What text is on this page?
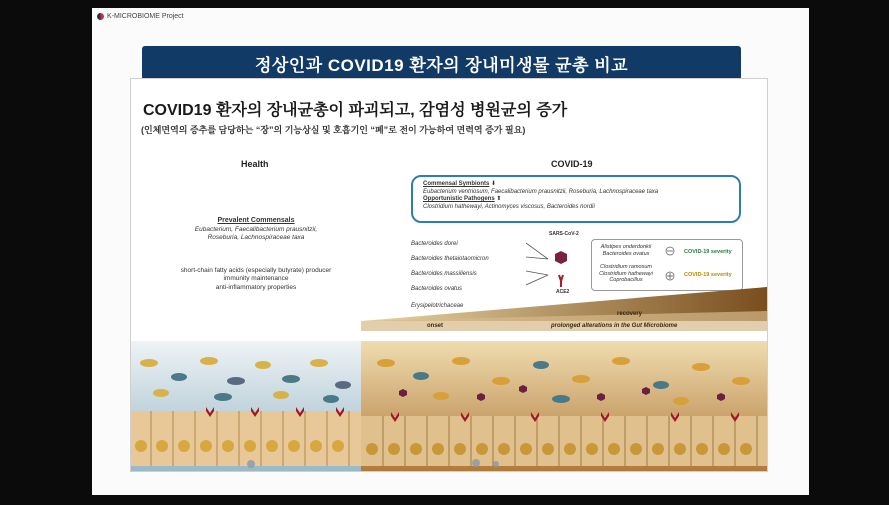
K-MICROBIOME Project
정상인과 COVID19 환자의 장내미생물 균총 비교
COVID19 환자의 장내균총이 파괴되고, 감염성 병원균의 증가
(인체면역의 증추를 담당하는 “장”의 기능상실 및 호흡기인 “폐”로 전이 가능하여 면력역 증가 필요)
Health	COVID-19
Prevalent Commensals
Eubacterium, Faecalibacterium prausnitzii,
Roseburia, Lachnospiraceae taxa
short-chain fatty acids (especially butyrate) producer
immunity maintenance
anti-inflammatory properties
Commensal Symbionts ⬇
Eubacterium ventriosum, Faecalibacterium prausnitzii, Roseburia, Lachnospiraceae taxa
Opportunistic Pathogens ⬆
Clostridium hathewayi, Actinomyces viscosus, Bacteroides nordii
Bacteroides dorei
Bacteroides thetaiotaomicron
Bacteroides massiliensis
Bacteroides ovatus
Erysipelotrichaceae
SARS-CoV-2
ACE2
Alistipes onderdonkii
Bacteroides ovatus	COVID-19 severity
Clostridium ramosum
Clostridium hathewayi
Coprobacillus
COVID-19 severity
recovery
onset	prolonged alterations in the Gut Microbiome
